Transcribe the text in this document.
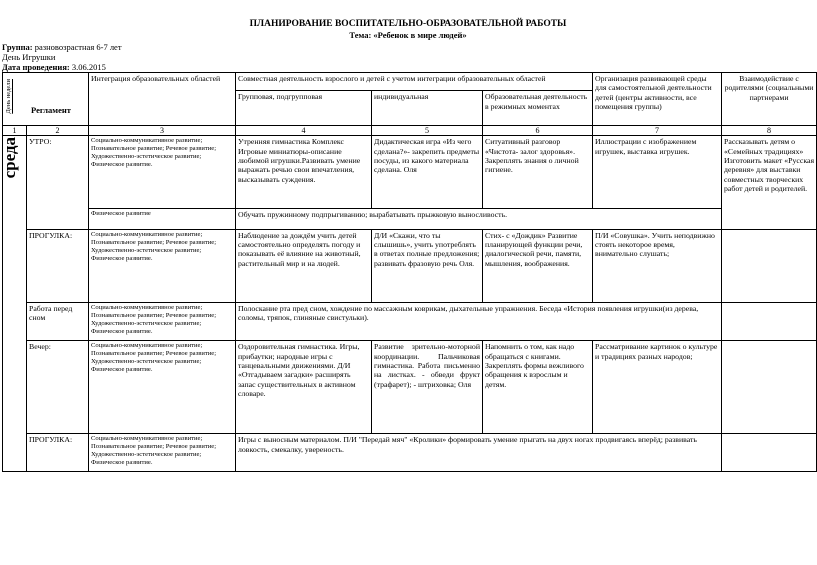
ПЛАНИРОВАНИЕ ВОСПИТАТЕЛЬНО-ОБРАЗОВАТЕЛЬНОЙ РАБОТЫ
Тема: «Ребенок в мире людей»
Группа: разновозрастная 6-7 лет
День Игрушки
Дата проведения: 3.06.2015
День недели Регламент		Интеграция образовательных областей	Совместная деятельность взрослого и детей с учетом интеграции образовательных областей			Организация развивающей среды для самостоятельной деятельности детей (центры активности, все помещения группы)	Взаимодействие с родителями (социальными партнерами
			Групповая, подгрупповая	индивидуальная	Образовательная деятельность в режимных моментах		
1	2	3	4	5	6	7	8

среда	УТРО:	Социально-коммуникативное развитие; Познавательное развитие; Речевое развитие; Художественно-эстетическое развитие; Физическое развитие.	Утренняя гимнастика Комплекс Игровые миниатюры-описание любимой игрушки.Развивать умение выражать речью свои впечатления, высказывать суждения.	Дидактическая игра «Из чего сделана?»- закрепить предметы посуды, из какого материала сделана. Оля	Ситуативный разговор «Чистота- залог здоровья». Закреплять знания о личной гигиене.	Иллюстрации с изображением игрушек, выставка игрушек.	Рассказывать детям о «Семейных традициях» Изготовить макет «Русская деревня» для выставки совместных творческих работ детей и родителей.
		Физическое развитие	Обучать пружинному подпрыгиванию; вырабатывать прыжковую выносливость.				
	ПРОГУЛКА:	Социально-коммуникативное развитие; Познавательное развитие; Речевое развитие; Художественно-эстетическое развитие; Физическое развитие.	Наблюдение за дождём учить детей самостоятельно определять погоду и показывать её влияние на животный, растительный мир и на людей.	Д/И «Скажи, что ты слышишь», учить употреблять в ответах полные предложения; развивать фразовую речь Оля.	Стих- с «Дождик» Развитие планирующей функции речи, диалогической речи, памяти, мышления, воображения.	П/И «Совушка». Учить неподвижно стоять некоторое время, внимательно слушать;	
	Работа перед сном	Социально-коммуникативное развитие; Познавательное развитие; Речевое развитие; Художественно-эстетическое развитие; Физическое развитие.	Полоскание рта пред сном, хождение по массажным коврикам, дыхательные упражнения. Беседа «История появления игрушки(из дерева, соломы, тряпок, глиняные свистульки).				
	Вечер:	Социально-коммуникативное развитие; Познавательное развитие; Речевое развитие; Художественно-эстетическое развитие; Физическое развитие.	Оздоровительная гимнастика. Игры, прибаутки; народные игры с танцевальными движениями. Д/И «Отгадываем загадки» расширять запас существительных в активном словаре.	Развитие зрительно-моторной координации. Пальчиковая гимнастика. Работа письменно на листках. - обведи фрукт (трафарет); - штриховка; Оля	Напомнить о том, как надо обращаться с книгами. Закреплять формы вежливого обращения к взрослым и детям.	Рассматривание картинок о культуре и традициях разных народов;	
	ПРОГУЛКА:	Социально-коммуникативное развитие; Познавательное развитие; Речевое развитие; Художественно-эстетическое развитие; Физическое развитие.	Игры с выносным материалом. П/И "Передай мяч" «Кролики» формировать умение прыгать на двух ногах продвигаясь вперёд; развивать ловкость, смекалку, увереность.				
